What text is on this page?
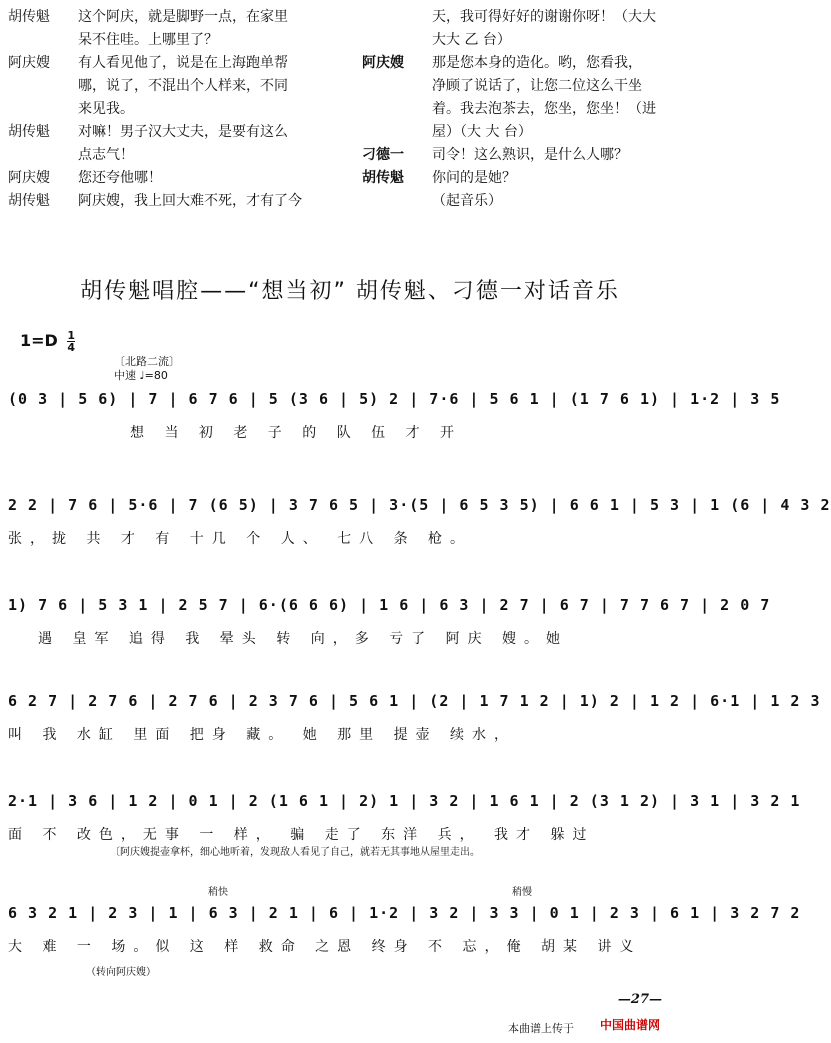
胡传魁	这个阿庆，就是脚野一点，在家里
呆不住哇。上哪里了？
阿庆嫂	有人看见他了，说是在上海跑单帮
哪，说了，不混出个人样来，不同
来见我。
胡传魁	对嘛！男子汉大丈夫，是要有这么
点志气！
阿庆嫂	您还夸他哪！
胡传魁	阿庆嫂，我上回大难不死，才有了今
天，我可得好好的谢谢你呀！（大大
大大 乙 台）
阿庆嫂	那是您本身的造化。哟，您看我，
净顾了说话了，让您二位这么干坐
着。我去泡茶去，您坐，您坐！（进
屋）（大 大 台）
刁德一	司令！这么熟识，是什么人哪？
胡传魁	你问的是她？
（起音乐）
胡传魁唱腔——“想当初” 胡传魁、刁德一对话音乐
$1=D \frac{1}{4}$
〔北路二流〕
中速 ♩=80
(0 3 | 5 6) | 7 | 6 7 6 | 5 (3 6 | 5) 2 | 7·6 | 5 6 1 | (1 7 6 1) | 1·2 | 3 5
想 当 初 老 子 的 队 伍 才 开
2 2 | 7 6 | 5·6 | 7 (6 5) | 3 7 6 5 | 3·(5 | 6 5 3 5) | 6 6 1 | 5 3 | 1 (6 | 4 3 2
张，拢 共 才 有 十几 个 人、 七八 条 枪。
1) 7 6 | 5 3 1 | 2 5 7 | 6·(6 6 6) | 1 6 | 6 3 | 2 7 | 6 7 | 7 7 6 7 | 2 0 7
遇 皇军 追得 我 晕头 转 向，多 亏了 阿庆 嫂。她
6 2 7 | 2 7 6 | 2 7 6 | 2 3 7 6 | 5 6 1 | (2 | 1 7 1 2 | 1) 2 | 1 2 | 6·1 | 1 2 3
叫 我 水缸 里面 把身 藏。 她 那里 提壶 续水，
2·1 | 3 6 | 1 2 | 0 1 | 2 (1 6 1 | 2) 1 | 3 2 | 1 6 1 | 2 (3 1 2) | 3 1 | 3 2 1
面 不 改色，无事 一 样， 骗 走了 东洋 兵， 我才 躲过
〔阿庆嫂提壶拿杯，细心地听着，发现敌人看见了自己，就若无其事地从屋里走出。
稍快	稍慢
6 3 2 1 | 2 3 | 1 | 6 3 | 2 1 | 6 | 1·2 | 3 2 | 3 3 | 0 1 | 2 3 | 6 1 | 3 2 7 2
大 难 一 场。似 这 样 救命 之恩 终身 不 忘，俺 胡某 讲义
（转向阿庆嫂）
—27—
本曲谱上传于 中国曲谱网
